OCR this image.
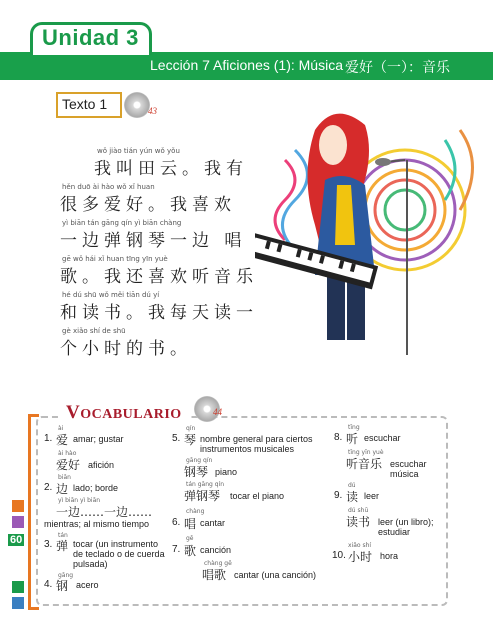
Unidad 3
Lección 7 Aficiones (1): Música 爱好（一）：音乐
Texto 1	43
wǒ jiào tián yún wǒ yǒu
我叫田云。我有
hěn duō ài hào wǒ xǐ huan
很多爱好。我喜欢
yì biān tán gāng qín yì biān chàng
一边弹钢琴一边 唱
gē wǒ hái xǐ huan tīng yīn yuè
歌。我还喜欢听音乐
hé dú shū wǒ měi tiān dú yí
和读书。我每天读一
gè xiǎo shí de shū
个小时的书。
VOCABULARIO	44
ài
1. 爱 amar; gustar
ài hào
爱好 afición
biān
2. 边 lado; borde
yì biān yì biān
一边……一边……
mientras; al mismo tiempo
tán
3. 弹 tocar (un instrumento de teclado o de cuerda pulsada)
gāng
4. 钢 acero
qín
5. 琴 nombre general para ciertos instrumentos musicales
gāng qín
钢琴 piano
tán gāng qín
弹钢琴 tocar el piano
chàng
6. 唱 cantar
gē
7. 歌 canción
chàng gē
唱歌 cantar (una canción)
tīng
8. 听 escuchar
tīng yīn yuè
听音乐 escuchar música
dú
9. 读 leer
dú shū
读书 leer (un libro); estudiar
xiǎo shí
10. 小时 hora
60
